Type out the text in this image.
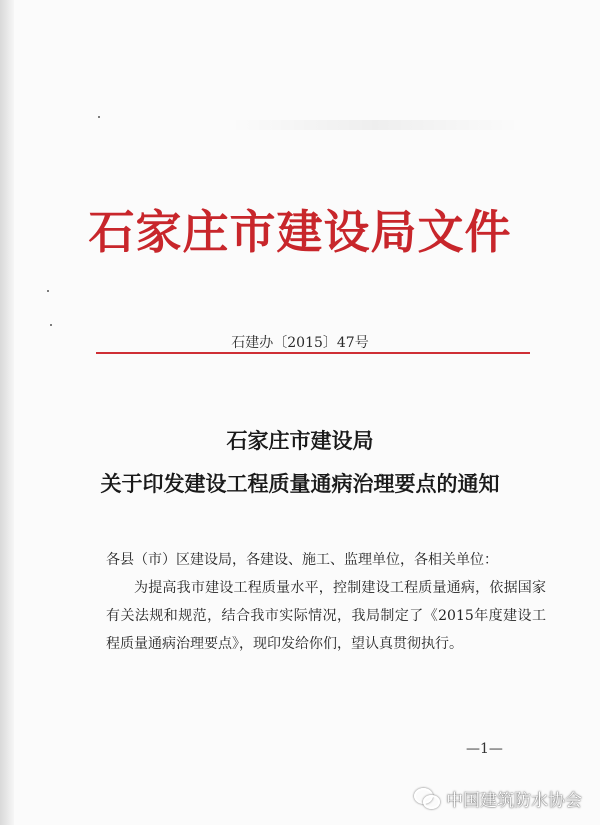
石家庄市建设局文件
石建办〔2015〕47号
石家庄市建设局
关于印发建设工程质量通病治理要点的通知
各县（市）区建设局，各建设、施工、监理单位，各相关单位：
为提高我市建设工程质量水平，控制建设工程质量通病，依据国家有关法规和规范，结合我市实际情况，我局制定了《2015年度建设工程质量通病治理要点》，现印发给你们，望认真贯彻执行。
—1—
中国建筑防水协会
